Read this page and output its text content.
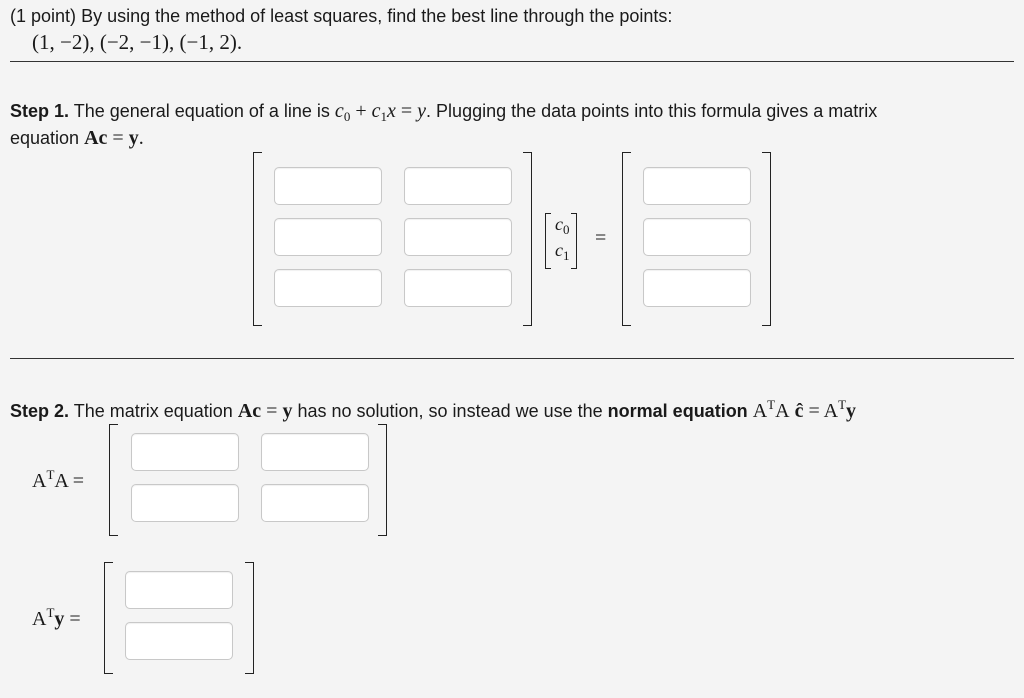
(1 point) By using the method of least squares, find the best line through the points:
(1, −2), (−2, −1), (−1, 2).
Step 1. The general equation of a line is $c_0 + c_1x = y$. Plugging the data points into this formula gives a matrix
equation Ac = y.
$c_0$
$c_1$
=
Step 2. The matrix equation Ac = y has no solution, so instead we use the normal equation $A^TA$ ĉ = $A^Ty$
$A^TA$ =
$A^Ty$ =
